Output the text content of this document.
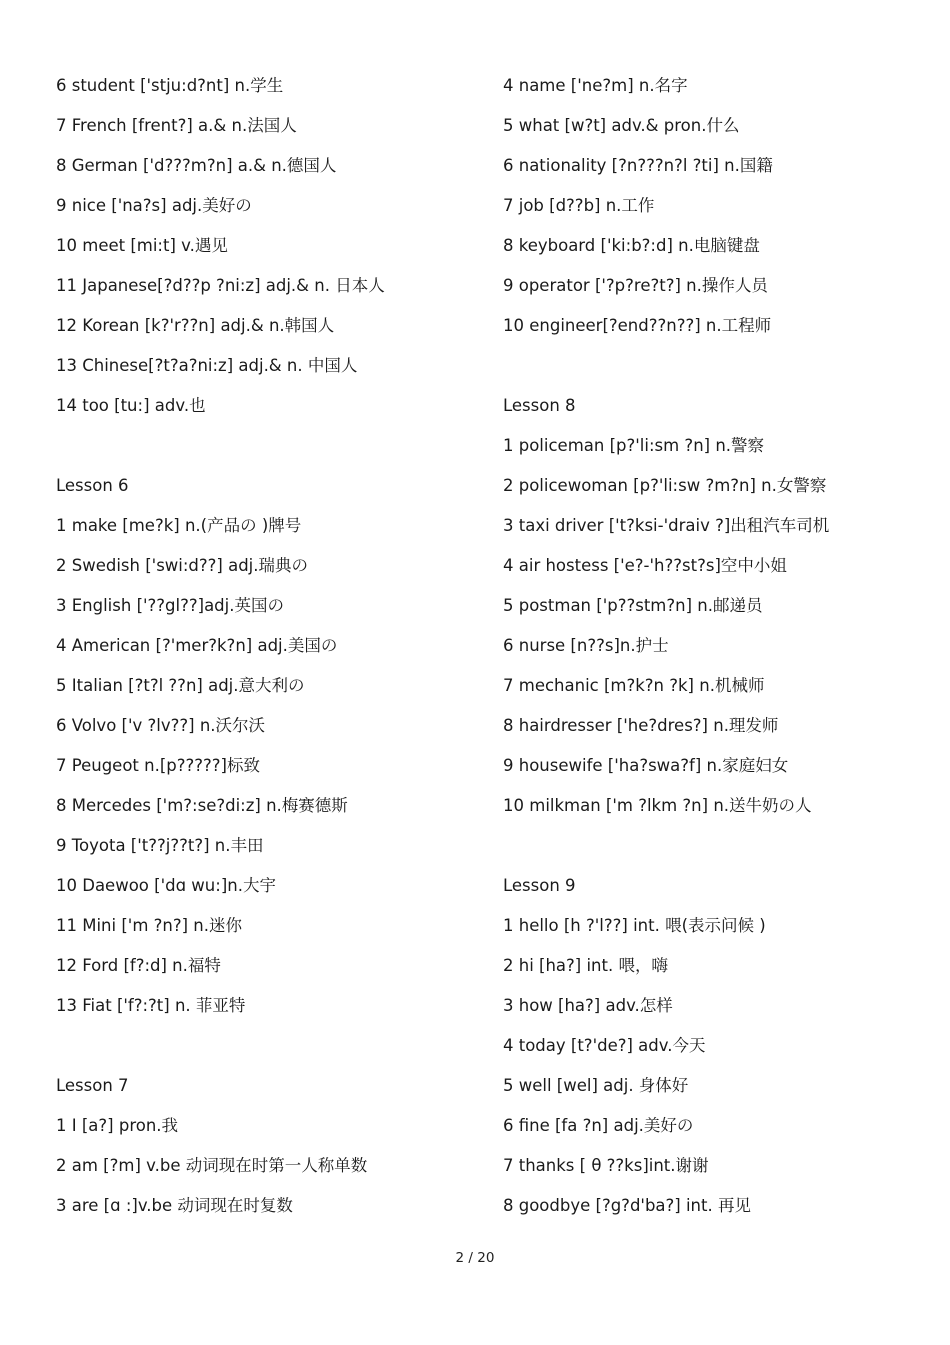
6 student ['stju:d?nt] n.学生
7 French [frent?] a.& n.法国人
8 German ['d???m?n] a.& n.德国人
9 nice ['na?s] adj.美好の
10 meet [mi:t] v.遇见
11 Japanese[?d??p ?ni:z] adj.& n. 日本人
12 Korean [k?'r??n] adj.& n.韩国人
13 Chinese[?t?a?ni:z] adj.& n. 中国人
14 too [tu:] adv.也
Lesson 6
1 make [me?k] n.(产品の )牌号
2 Swedish ['swi:d??] adj.瑞典の
3 English ['??gl??]adj.英国の
4 American [?'mer?k?n] adj.美国の
5 Italian [?t?l ??n] adj.意大利の
6 Volvo ['v ?lv??] n.沃尔沃
7 Peugeot n.[p?????]标致
8 Mercedes ['m?:se?di:z] n.梅赛德斯
9 Toyota ['t??j??t?] n.丰田
10 Daewoo ['dɑ wu:]n.大宇
11 Mini ['m ?n?] n.迷你
12 Ford [f?:d] n.福特
13 Fiat ['f?:?t] n. 菲亚特
Lesson 7
1 I [a?] pron.我
2 am [?m] v.be 动词现在时第一人称单数
3 are [ɑ :]v.be 动词现在时复数
4 name ['ne?m] n.名字
5 what [w?t] adv.& pron.什么
6 nationality [?n???n?l ?ti] n.国籍
7 job [d??b] n.工作
8 keyboard ['ki:b?:d] n.电脑键盘
9 operator ['?p?re?t?] n.操作人员
10 engineer[?end??n??] n.工程师
Lesson 8
1 policeman [p?'li:sm ?n] n.警察
2 policewoman [p?'li:sw ?m?n] n.女警察
3 taxi driver ['t?ksi-'draiv ?]出租汽车司机
4 air hostess ['e?-'h??st?s]空中小姐
5 postman ['p??stm?n] n.邮递员
6 nurse [n??s]n.护士
7 mechanic [m?k?n ?k] n.机械师
8 hairdresser ['he?dres?] n.理发师
9 housewife ['ha?swa?f] n.家庭妇女
10 milkman ['m ?lkm ?n] n.送牛奶の人
Lesson 9
1 hello [h ?'l??] int. 喂(表示问候 )
2 hi [ha?] int. 喂，嗨
3 how [ha?] adv.怎样
4 today [t?'de?] adv.今天
5 well [wel] adj. 身体好
6 fine [fa ?n] adj.美好の
7 thanks [ θ ??ks]int.谢谢
8 goodbye [?g?d'ba?] int. 再见
2 / 20
